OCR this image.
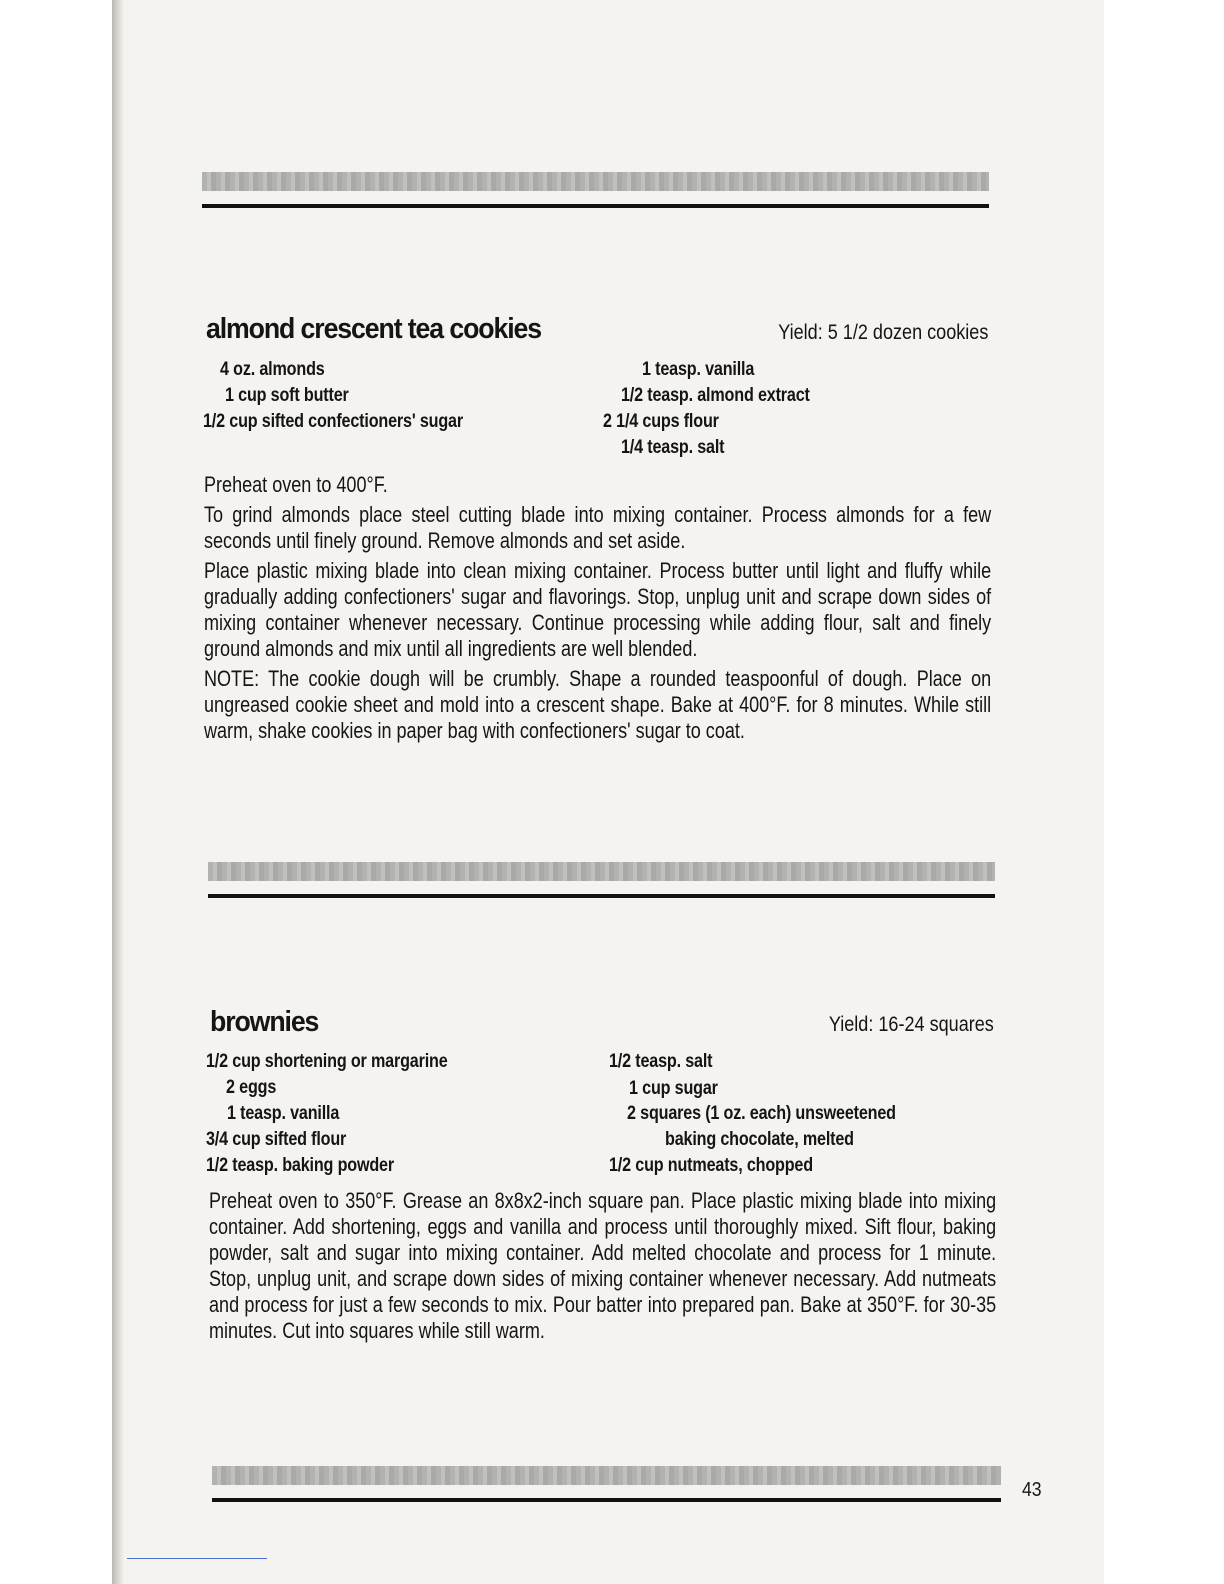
almond crescent tea cookies	Yield: 5 1/2 dozen cookies
4 oz. almonds
1 cup soft butter
1/2 cup sifted confectioners' sugar
1 teasp. vanilla
1/2 teasp. almond extract
2 1/4 cups flour
1/4 teasp. salt

Preheat oven to 400°F.

To grind almonds place steel cutting blade into mixing container. Process almonds for a few seconds until finely ground. Remove almonds and set aside.

Place plastic mixing blade into clean mixing container. Process butter until light and fluffy while gradually adding confectioners' sugar and flavorings. Stop, unplug unit and scrape down sides of mixing container whenever necessary. Continue processing while adding flour, salt and finely ground almonds and mix until all ingredients are well blended.

NOTE: The cookie dough will be crumbly. Shape a rounded teaspoonful of dough. Place on ungreased cookie sheet and mold into a crescent shape. Bake at 400°F. for 8 minutes. While still warm, shake cookies in paper bag with confectioners' sugar to coat.

brownies	Yield: 16-24 squares
1/2 cup shortening or margarine
2 eggs
1 teasp. vanilla
3/4 cup sifted flour
1/2 teasp. baking powder
1/2 teasp. salt
1 cup sugar
2 squares (1 oz. each) unsweetened
baking chocolate, melted
1/2 cup nutmeats, chopped

Preheat oven to 350°F. Grease an 8x8x2-inch square pan. Place plastic mixing blade into mixing container. Add shortening, eggs and vanilla and process until thoroughly mixed. Sift flour, baking powder, salt and sugar into mixing container. Add melted chocolate and process for 1 minute. Stop, unplug unit, and scrape down sides of mixing container whenever necessary. Add nutmeats and process for just a few seconds to mix. Pour batter into prepared pan. Bake at 350°F. for 30-35 minutes. Cut into squares while still warm.

43
